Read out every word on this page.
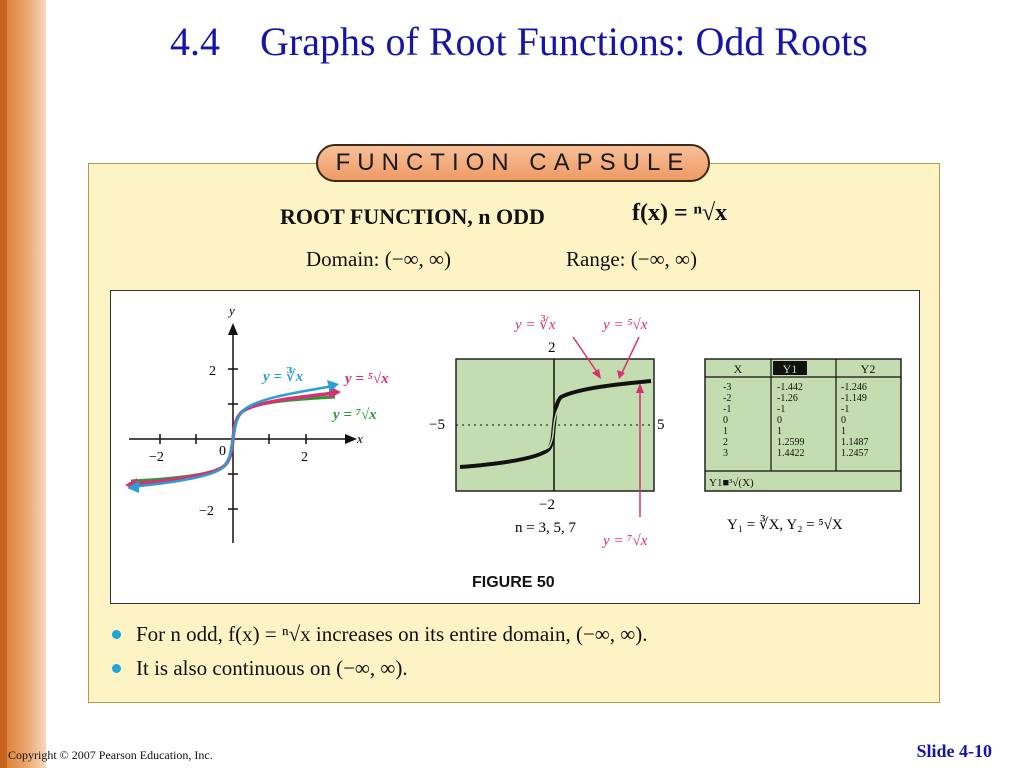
4.4 Graphs of Root Functions: Odd Roots
FUNCTION CAPSULE
ROOT FUNCTION, n ODD	f(x) = ⁿ√x
Domain: (−∞, ∞)	Range: (−∞, ∞)
y
x
2
−2
−2	2
0
y = ∛x	y = ⁵√x
y = ⁷√x
y = ∛x	y = ⁵√x
2
−5	5
−2
n = 3, 5, 7
y = ⁷√x
X	Y1	Y2
-3	-1.442	-1.246
-2	-1.26	-1.149
-1	-1	-1
0	0	0
1	1	1
2	1.2599	1.1487
3	1.4422	1.2457
Y1■³√(X)
Y₁ = ∛X, Y₂ = ⁵√X
FIGURE 50
For n odd, f(x) = ⁿ√x increases on its entire domain, (−∞, ∞).
It is also continuous on (−∞, ∞).
Copyright © 2007 Pearson Education, Inc.	Slide 4-10
